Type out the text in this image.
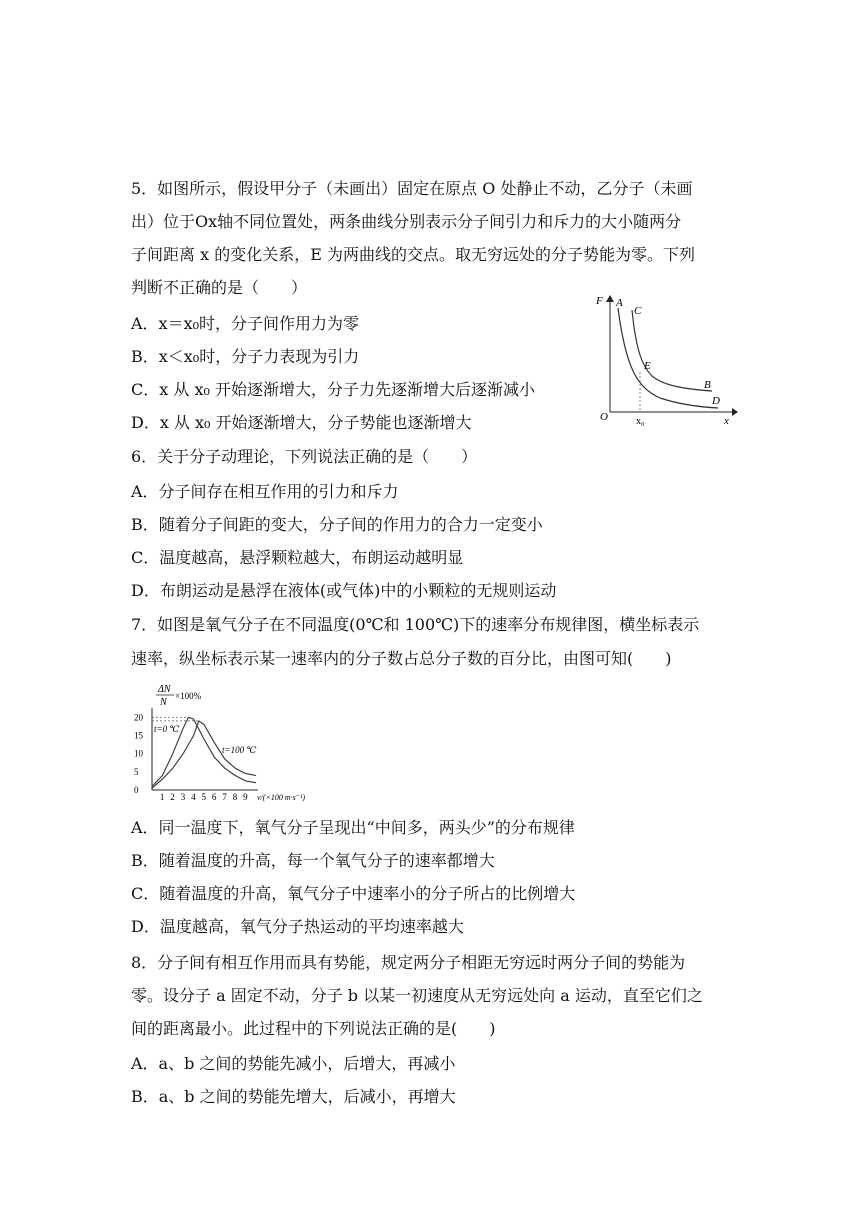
5．如图所示，假设甲分子（未画出）固定在原点 O 处静止不动，乙分子（未画
出）位于Ox轴不同位置处，两条曲线分别表示分子间引力和斥力的大小随两分
子间距离 x 的变化关系，E 为两曲线的交点。取无穷远处的分子势能为零。下列
判断不正确的是（　　）
A．x＝x₀时，分子间作用力为零
B．x＜x₀时，分子力表现为引力
C．x 从 x₀ 开始逐渐增大，分子力先逐渐增大后逐渐减小
D．x 从 x₀ 开始逐渐增大，分子势能也逐渐增大
F A
C
E
B
D
O	x₀	x
6．关于分子动理论，下列说法正确的是（　　）
A．分子间存在相互作用的引力和斥力
B．随着分子间距的变大，分子间的作用力的合力一定变小
C．温度越高，悬浮颗粒越大，布朗运动越明显
D．布朗运动是悬浮在液体(或气体)中的小颗粒的无规则运动
7．如图是氧气分子在不同温度(0℃和 100℃)下的速率分布规律图，横坐标表示
速率，纵坐标表示某一速率内的分子数占总分子数的百分比，由图可知(　　)
ΔN
N
×100%
v/(×100 m·s⁻¹)
1 2 3 4 5 6 7 8 9
0
5
10
15
20
t=0 ℃
t=100 ℃
A．同一温度下，氧气分子呈现出“中间多，两头少”的分布规律
B．随着温度的升高，每一个氧气分子的速率都增大
C．随着温度的升高，氧气分子中速率小的分子所占的比例增大
D．温度越高，氧气分子热运动的平均速率越大
8．分子间有相互作用而具有势能，规定两分子相距无穷远时两分子间的势能为
零。设分子 a 固定不动，分子 b 以某一初速度从无穷远处向 a 运动，直至它们之
间的距离最小。此过程中的下列说法正确的是(　　)
A．a、b 之间的势能先减小，后增大，再减小
B．a、b 之间的势能先增大，后减小，再增大
